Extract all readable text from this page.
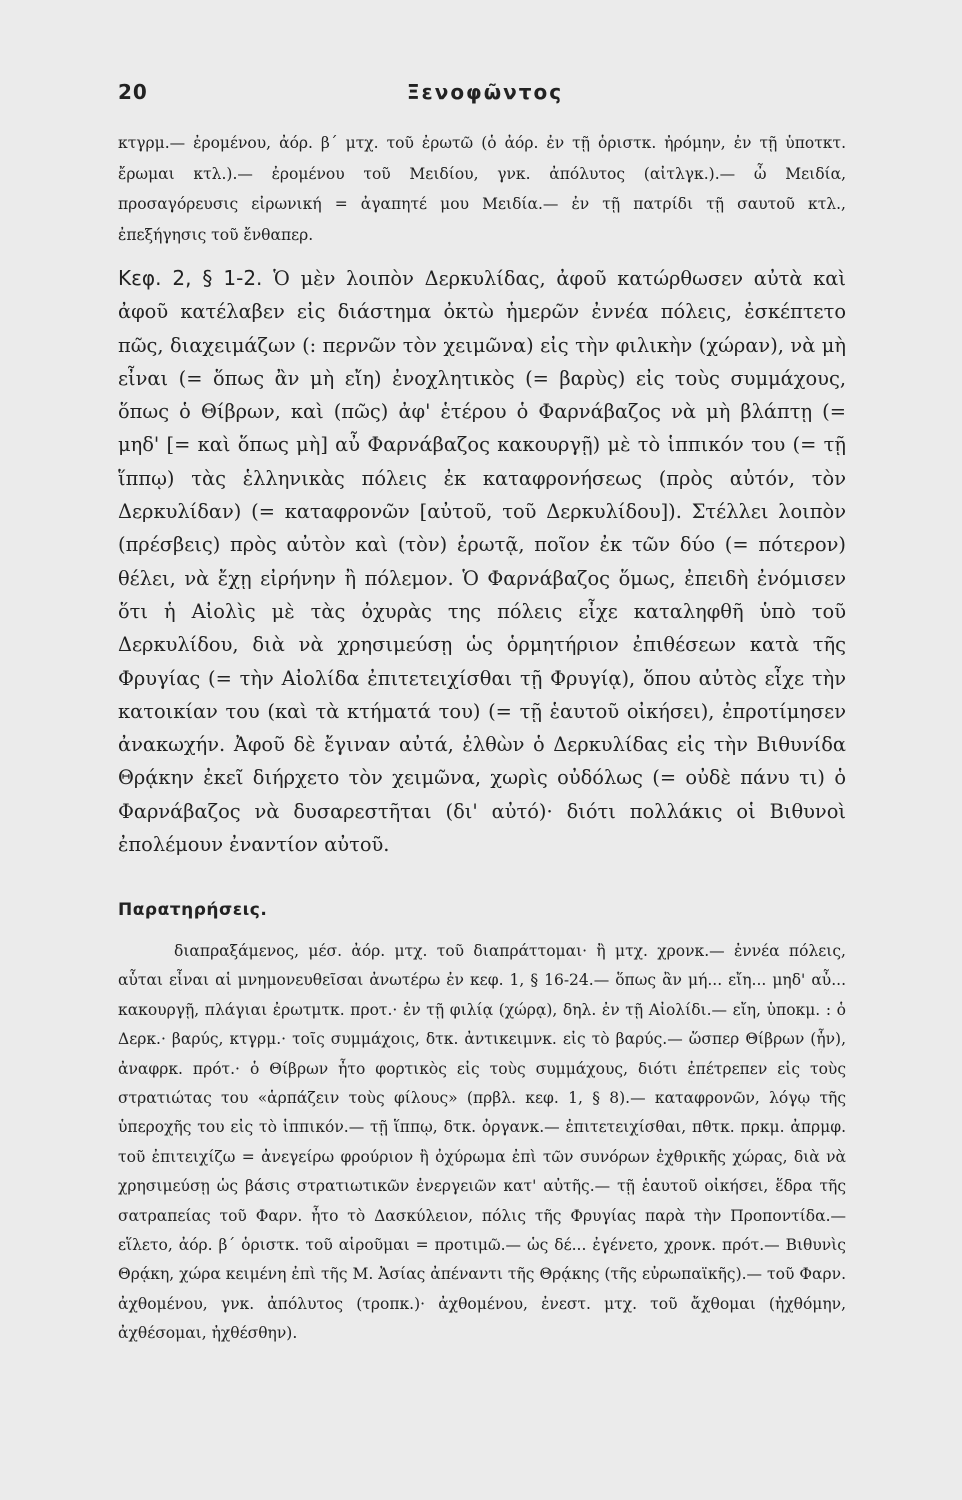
20	Ξενοφῶντος

κτγρμ.— ἐρομένου, ἀόρ. β΄ μτχ. τοῦ ἐρωτῶ (ὁ ἀόρ. ἐν τῇ ὁριστκ. ἠρόμην, ἐν τῇ ὑποτκτ. ἔρωμαι κτλ.).— ἐρομένου τοῦ Μειδίου, γνκ. ἀπόλυτος (αἰτλγκ.).— ὦ Μειδία, προσαγόρευσις εἰρωνική = ἀγαπητέ μου Μειδία.— ἐν τῇ πατρίδι τῇ σαυτοῦ κτλ., ἐπεξήγησις τοῦ ἔνθαπερ.

Κεφ. 2, § 1-2. Ὁ μὲν λοιπὸν Δερκυλίδας, ἀφοῦ κατώρθωσεν αὐτὰ καὶ ἀφοῦ κατέλαβεν εἰς διάστημα ὀκτὼ ἡμερῶν ἐννέα πόλεις, ἐσκέπτετο πῶς, διαχειμάζων (: περνῶν τὸν χειμῶνα) εἰς τὴν φιλικὴν (χώραν), νὰ μὴ εἶναι (= ὅπως ἂν μὴ εἴη) ἐνοχλητικὸς (= βαρὺς) εἰς τοὺς συμμάχους, ὅπως ὁ Θίβρων, καὶ (πῶς) ἀφ' ἑτέρου ὁ Φαρνάβαζος νὰ μὴ βλάπτῃ (= μηδ' [= καὶ ὅπως μὴ] αὖ Φαρνάβαζος κακουργῇ) μὲ τὸ ἱππικόν του (= τῇ ἵππῳ) τὰς ἑλληνικὰς πόλεις ἐκ καταφρονήσεως (πρὸς αὐτόν, τὸν Δερκυλίδαν) (= καταφρονῶν [αὐτοῦ, τοῦ Δερκυλίδου]). Στέλλει λοιπὸν (πρέσβεις) πρὸς αὐτὸν καὶ (τὸν) ἐρωτᾷ, ποῖον ἐκ τῶν δύο (= πότερον) θέλει, νὰ ἔχῃ εἰρήνην ἢ πόλεμον. Ὁ Φαρνάβαζος ὅμως, ἐπειδὴ ἐνόμισεν ὅτι ἡ Αἰολὶς μὲ τὰς ὀχυρὰς της πόλεις εἶχε καταληφθῆ ὑπὸ τοῦ Δερκυλίδου, διὰ νὰ χρησιμεύσῃ ὡς ὁρμητήριον ἐπιθέσεων κατὰ τῆς Φρυγίας (= τὴν Αἰολίδα ἐπιτετειχίσθαι τῇ Φρυγίᾳ), ὅπου αὐτὸς εἶχε τὴν κατοικίαν του (καὶ τὰ κτήματά του) (= τῇ ἑαυτοῦ οἰκήσει), ἐπροτίμησεν ἀνακωχήν. Ἀφοῦ δὲ ἔγιναν αὐτά, ἐλθὼν ὁ Δερκυλίδας εἰς τὴν Βιθυνίδα Θρᾴκην ἐκεῖ διήρχετο τὸν χειμῶνα, χωρὶς οὐδόλως (= οὐδὲ πάνυ τι) ὁ Φαρνάβαζος νὰ δυσαρεστῆται (δι' αὐτό)· διότι πολλάκις οἱ Βιθυνοὶ ἐπολέμουν ἐναντίον αὐτοῦ.

Παρατηρήσεις.

διαπραξάμενος, μέσ. ἀόρ. μτχ. τοῦ διαπράττομαι· ἢ μτχ. χρονκ.— ἐννέα πόλεις, αὗται εἶναι αἱ μνημονευθεῖσαι ἀνωτέρω ἐν κεφ. 1, § 16-24.— ὅπως ἂν μή... εἴη... μηδ' αὖ... κακουργῇ, πλάγιαι ἐρωτμτκ. προτ.· ἐν τῇ φιλίᾳ (χώρᾳ), δηλ. ἐν τῇ Αἰολίδι.— εἴη, ὑποκμ. : ὁ Δερκ.· βαρύς, κτγρμ.· τοῖς συμμάχοις, δτκ. ἀντικειμνκ. εἰς τὸ βαρύς.— ὥσπερ Θίβρων (ἦν), ἀναφρκ. πρότ.· ὁ Θίβρων ἦτο φορτικὸς εἰς τοὺς συμμάχους, διότι ἐπέτρεπεν εἰς τοὺς στρατιώτας του «ἁρπάζειν τοὺς φίλους» (πρβλ. κεφ. 1, § 8).— καταφρονῶν, λόγῳ τῆς ὑπεροχῆς του εἰς τὸ ἱππικόν.— τῇ ἵππῳ, δτκ. ὀργανκ.— ἐπιτετειχίσθαι, πθτκ. πρκμ. ἀπρμφ. τοῦ ἐπιτειχίζω = ἀνεγείρω φρούριον ἢ ὀχύρωμα ἐπὶ τῶν συνόρων ἐχθρικῆς χώρας, διὰ νὰ χρησιμεύσῃ ὡς βάσις στρατιωτικῶν ἐνεργειῶν κατ' αὐτῆς.— τῇ ἑαυτοῦ οἰκήσει, ἕδρα τῆς σατραπείας τοῦ Φαρν. ἦτο τὸ Δασκύλειον, πόλις τῆς Φρυγίας παρὰ τὴν Προποντίδα.— εἵλετο, ἀόρ. β΄ ὁριστκ. τοῦ αἱροῦμαι = προτιμῶ.— ὡς δέ... ἐγένετο, χρονκ. πρότ.— Βιθυνὶς Θρᾴκη, χώρα κειμένη ἐπὶ τῆς Μ. Ἀσίας ἀπέναντι τῆς Θρᾴκης (τῆς εὐρωπαϊκῆς).— τοῦ Φαρν. ἀχθομένου, γνκ. ἀπόλυτος (τροπκ.)· ἀχθομένου, ἐνεστ. μτχ. τοῦ ἄχθομαι (ἠχθόμην, ἀχθέσομαι, ἠχθέσθην).
